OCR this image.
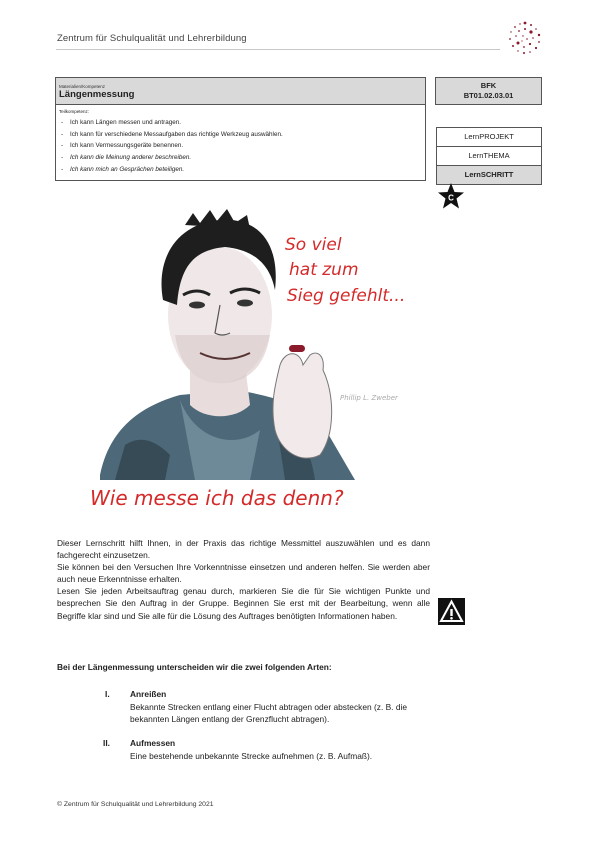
Zentrum für Schulqualität und Lehrerbildung
Materialien/Kompetenz
Längenmessung
Teilkompetenz:
- Ich kann Längen messen und antragen.
- Ich kann für verschiedene Messaufgaben das richtige Werkzeug auswählen.
- Ich kann Vermessungsgeräte benennen.
- Ich kann die Meinung anderer beschreiben.
- Ich kann mich an Gesprächen beteiligen.
BFK
BT01.02.03.01
LernPROJEKT
LernTHEMA
LernSCHRITT
C
So viel
hat zum
Sieg gefehlt...
Phillip L. Zweber
Wie messe ich das denn?

Dieser Lernschritt hilft Ihnen, in der Praxis das richtige Messmittel auszuwählen und es dann fachgerecht einzusetzen.

Sie können bei den Versuchen Ihre Vorkenntnisse einsetzen und anderen helfen. Sie werden aber auch neue Erkenntnisse erhalten.

Lesen Sie jeden Arbeitsauftrag genau durch, markieren Sie die für Sie wichtigen Punkte und besprechen Sie den Auftrag in der Gruppe. Beginnen Sie erst mit der Bearbeitung, wenn alle Begriffe klar sind und Sie alle für die Lösung des Auftrages benötigten Informationen haben.

Bei der Längenmessung unterscheiden wir die zwei folgenden Arten:
I. Anreißen
Bekannte Strecken entlang einer Flucht abtragen oder abstecken (z. B. die bekannten Längen entlang der Grenzflucht abtragen).
II. Aufmessen
Eine bestehende unbekannte Strecke aufnehmen (z. B. Aufmaß).
© Zentrum für Schulqualität und Lehrerbildung 2021
